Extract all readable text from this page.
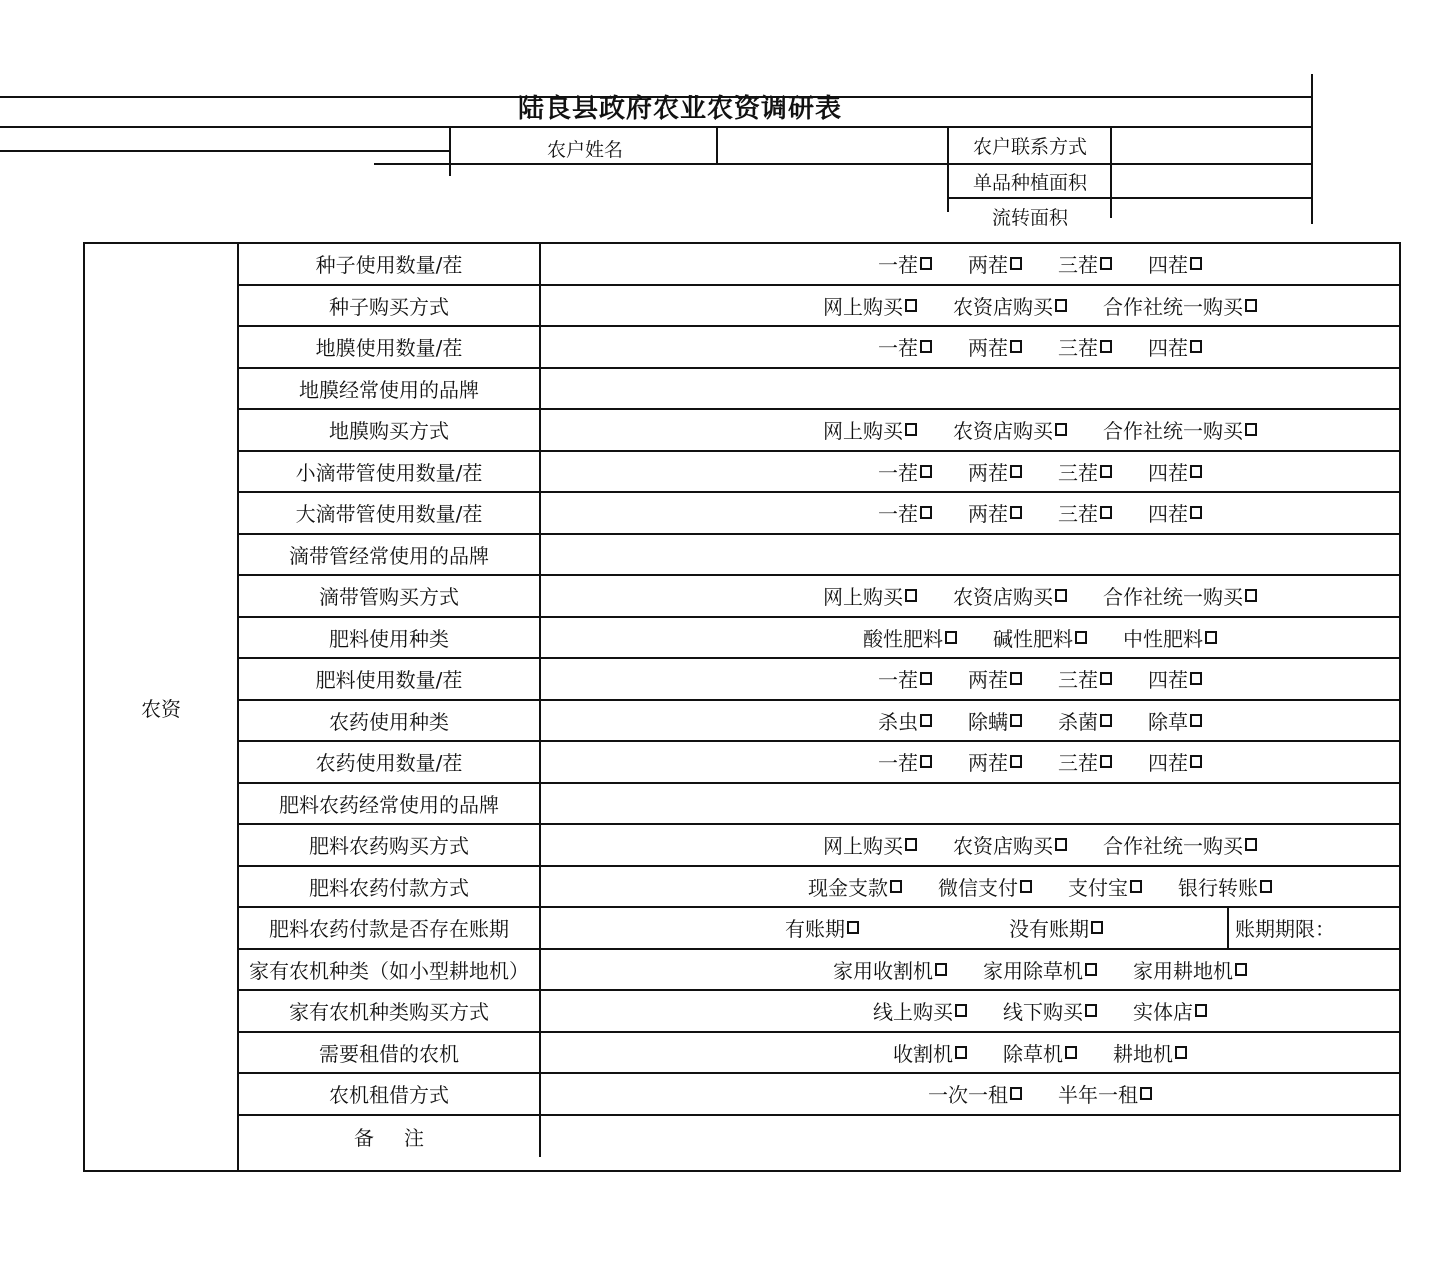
陆良县政府农业农资调研表
农户姓名	农户联系方式
单品种植面积
流转面积
农资
种子使用数量/茬	一茬	两茬	三茬	四茬
种子购买方式	网上购买	农资店购买	合作社统一购买
地膜使用数量/茬	一茬	两茬	三茬	四茬
地膜经常使用的品牌
地膜购买方式	网上购买	农资店购买	合作社统一购买
小滴带管使用数量/茬	一茬	两茬	三茬	四茬
大滴带管使用数量/茬	一茬	两茬	三茬	四茬
滴带管经常使用的品牌
滴带管购买方式	网上购买	农资店购买	合作社统一购买
肥料使用种类	酸性肥料	碱性肥料	中性肥料
肥料使用数量/茬	一茬	两茬	三茬	四茬
农药使用种类	杀虫	除螨	杀菌	除草
农药使用数量/茬	一茬	两茬	三茬	四茬
肥料农药经常使用的品牌
肥料农药购买方式	网上购买	农资店购买	合作社统一购买
肥料农药付款方式	现金支款	微信支付	支付宝	银行转账
肥料农药付款是否存在账期	有账期	没有账期	账期期限：
家有农机种类（如小型耕地机）	家用收割机	家用除草机	家用耕地机
家有农机种类购买方式	线上购买	线下购买	实体店
需要租借的农机	收割机	除草机	耕地机
农机租借方式	一次一租	半年一租
备注
